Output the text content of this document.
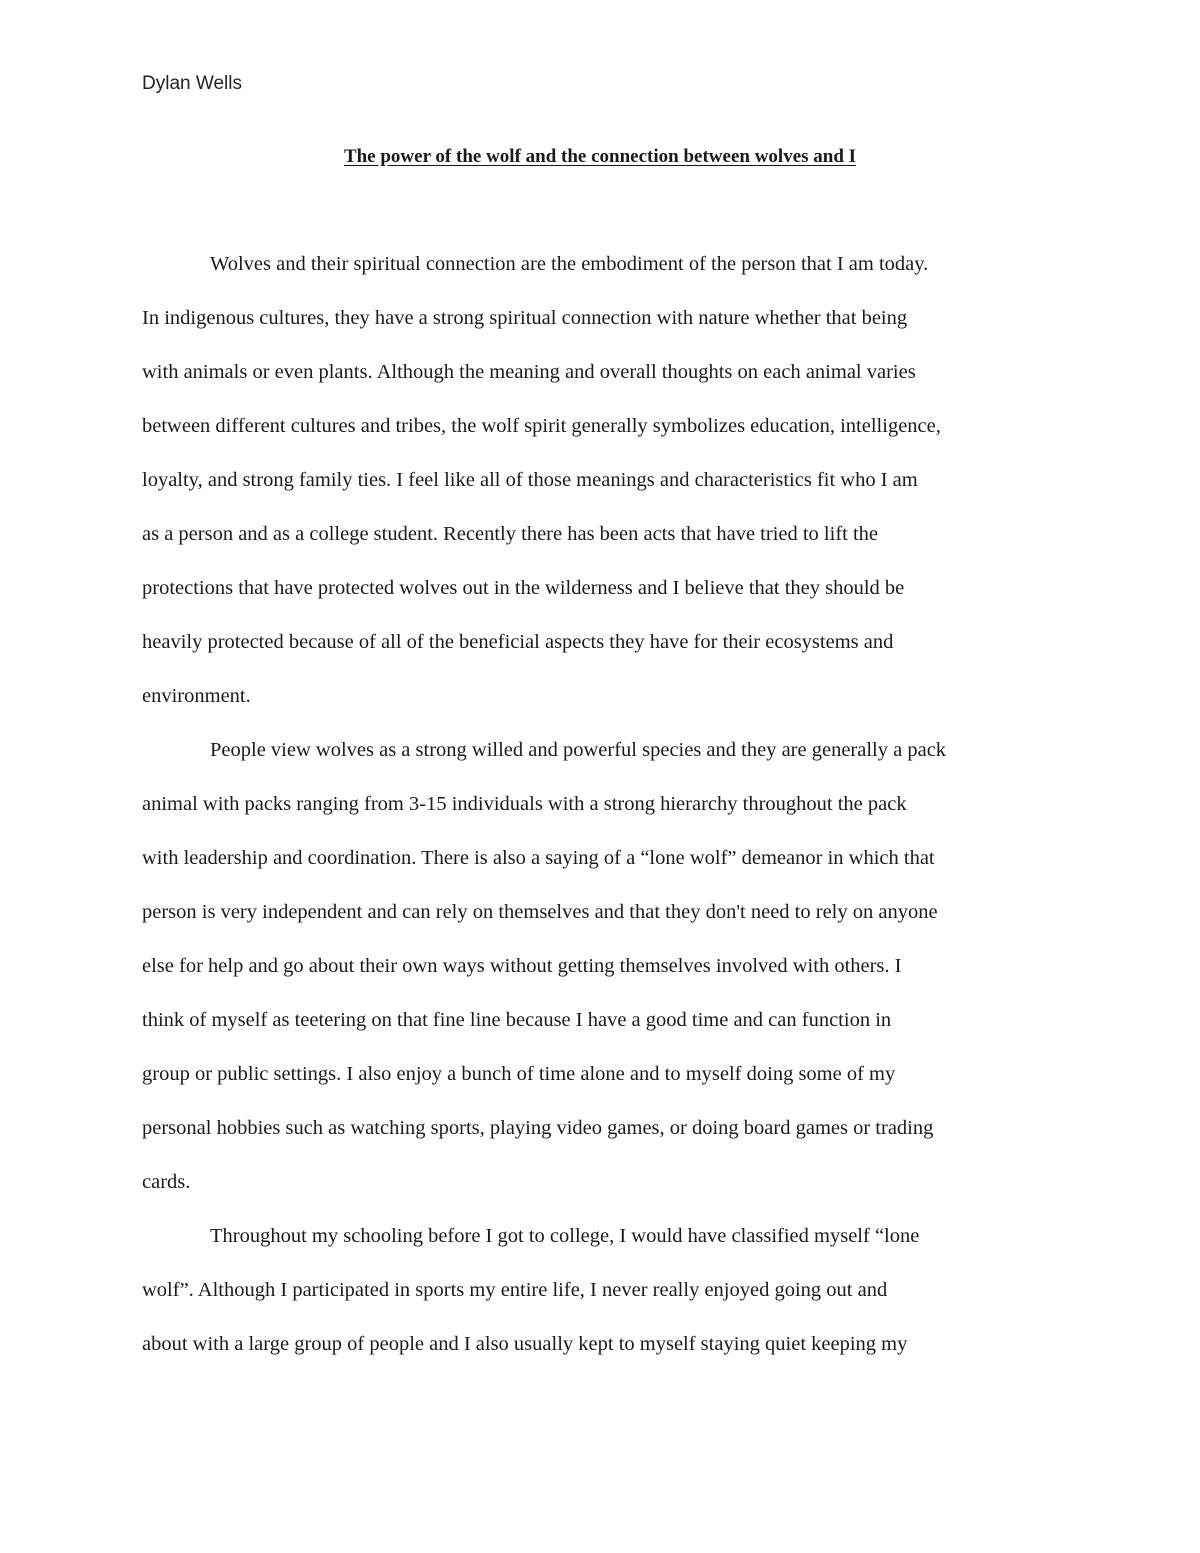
Dylan Wells

The power of the wolf and the connection between wolves and I

Wolves and their spiritual connection are the embodiment of the person that I am today.
In indigenous cultures, they have a strong spiritual connection with nature whether that being
with animals or even plants. Although the meaning and overall thoughts on each animal varies
between different cultures and tribes, the wolf spirit generally symbolizes education, intelligence,
loyalty, and strong family ties. I feel like all of those meanings and characteristics fit who I am
as a person and as a college student. Recently there has been acts that have tried to lift the
protections that have protected wolves out in the wilderness and I believe that they should be
heavily protected because of all of the beneficial aspects they have for their ecosystems and
environment.

People view wolves as a strong willed and powerful species and they are generally a pack
animal with packs ranging from 3-15 individuals with a strong hierarchy throughout the pack
with leadership and coordination. There is also a saying of a “lone wolf” demeanor in which that
person is very independent and can rely on themselves and that they don't need to rely on anyone
else for help and go about their own ways without getting themselves involved with others. I
think of myself as teetering on that fine line because I have a good time and can function in
group or public settings. I also enjoy a bunch of time alone and to myself doing some of my
personal hobbies such as watching sports, playing video games, or doing board games or trading
cards.

Throughout my schooling before I got to college, I would have classified myself “lone
wolf”. Although I participated in sports my entire life, I never really enjoyed going out and
about with a large group of people and I also usually kept to myself staying quiet keeping my
